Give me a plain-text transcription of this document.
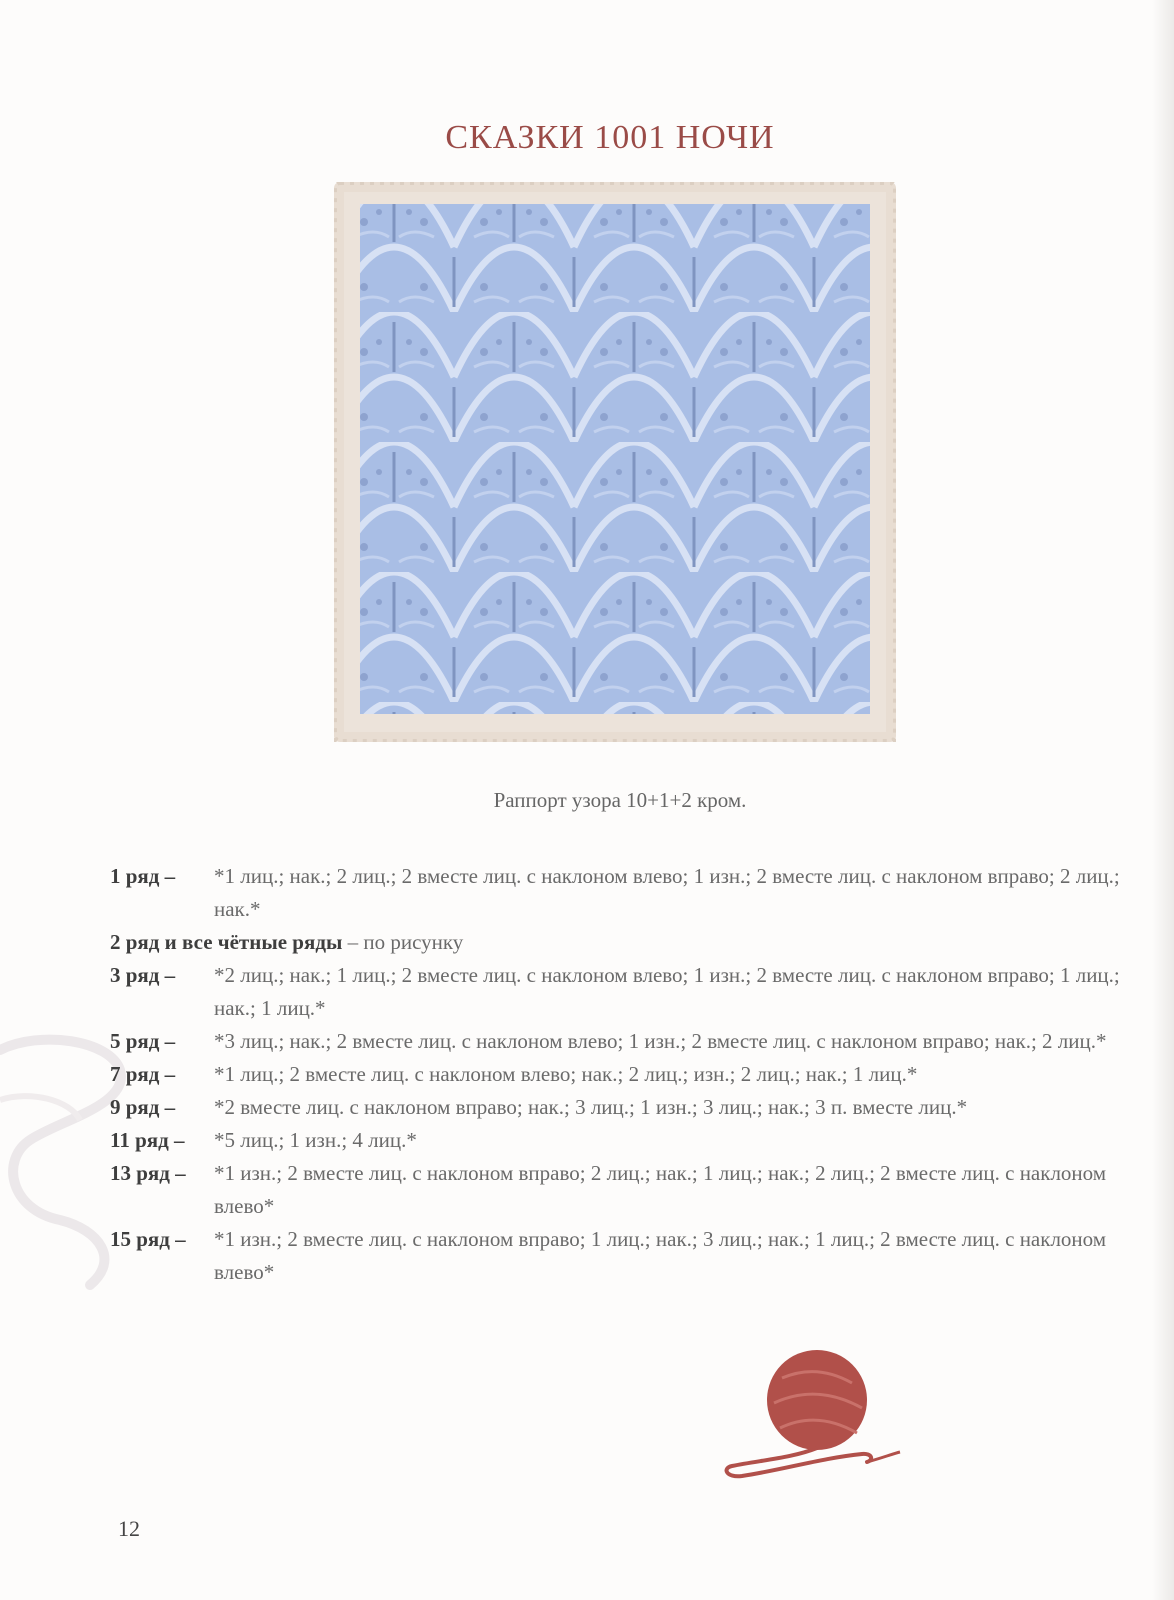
СКАЗКИ 1001 НОЧИ
Раппорт узора 10+1+2 кром.
1 ряд – *1 лиц.; нак.; 2 лиц.; 2 вместе лиц. с наклоном влево; 1 изн.; 2 вместе лиц. с наклоном вправо; 2 лиц.; нак.*
2 ряд и все чётные ряды – по рисунку
3 ряд – *2 лиц.; нак.; 1 лиц.; 2 вместе лиц. с наклоном влево; 1 изн.; 2 вместе лиц. с наклоном вправо; 1 лиц.; нак.; 1 лиц.*
5 ряд – *3 лиц.; нак.; 2 вместе лиц. с наклоном влево; 1 изн.; 2 вместе лиц. с наклоном вправо; нак.; 2 лиц.*
7 ряд – *1 лиц.; 2 вместе лиц. с наклоном влево; нак.; 2 лиц.; изн.; 2 лиц.; нак.; 1 лиц.*
9 ряд – *2 вместе лиц. с наклоном вправо; нак.; 3 лиц.; 1 изн.; 3 лиц.; нак.; 3 п. вместе лиц.*
11 ряд – *5 лиц.; 1 изн.; 4 лиц.*
13 ряд – *1 изн.; 2 вместе лиц. с наклоном вправо; 2 лиц.; нак.; 1 лиц.; нак.; 2 лиц.; 2 вместе лиц. с наклоном влево*
15 ряд – *1 изн.; 2 вместе лиц. с наклоном вправо; 1 лиц.; нак.; 3 лиц.; нак.; 1 лиц.; 2 вместе лиц. с наклоном влево*
12
